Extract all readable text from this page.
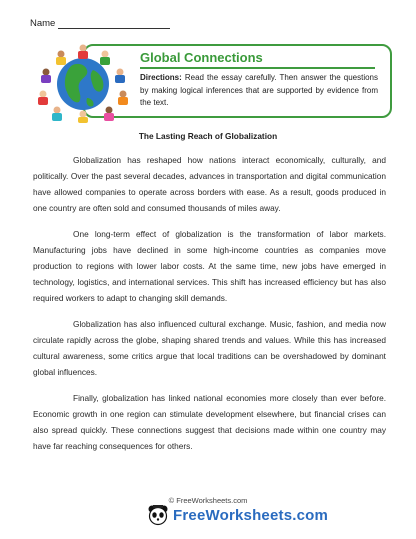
Name
Global Connections
Directions: Read the essay carefully. Then answer the questions by making logical inferences that are supported by evidence from the text.
The Lasting Reach of Globalization

Globalization has reshaped how nations interact economically, culturally, and politically. Over the past several decades, advances in transportation and digital communication have allowed companies to operate across borders with ease. As a result, goods produced in one country are often sold and consumed thousands of miles away.

One long-term effect of globalization is the transformation of labor markets. Manufacturing jobs have declined in some high-income countries as companies move production to regions with lower labor costs. At the same time, new jobs have emerged in technology, logistics, and international services. This shift has increased efficiency but has also required workers to adapt to changing skill demands.

Globalization has also influenced cultural exchange. Music, fashion, and media now circulate rapidly across the globe, shaping shared trends and values. While this has increased cultural awareness, some critics argue that local traditions can be overshadowed by dominant global influences.

Finally, globalization has linked national economies more closely than ever before. Economic growth in one region can stimulate development elsewhere, but financial crises can also spread quickly. These connections suggest that decisions made within one country may have far reaching consequences for others.

© FreeWorksheets.com
FreeWorksheets.com
